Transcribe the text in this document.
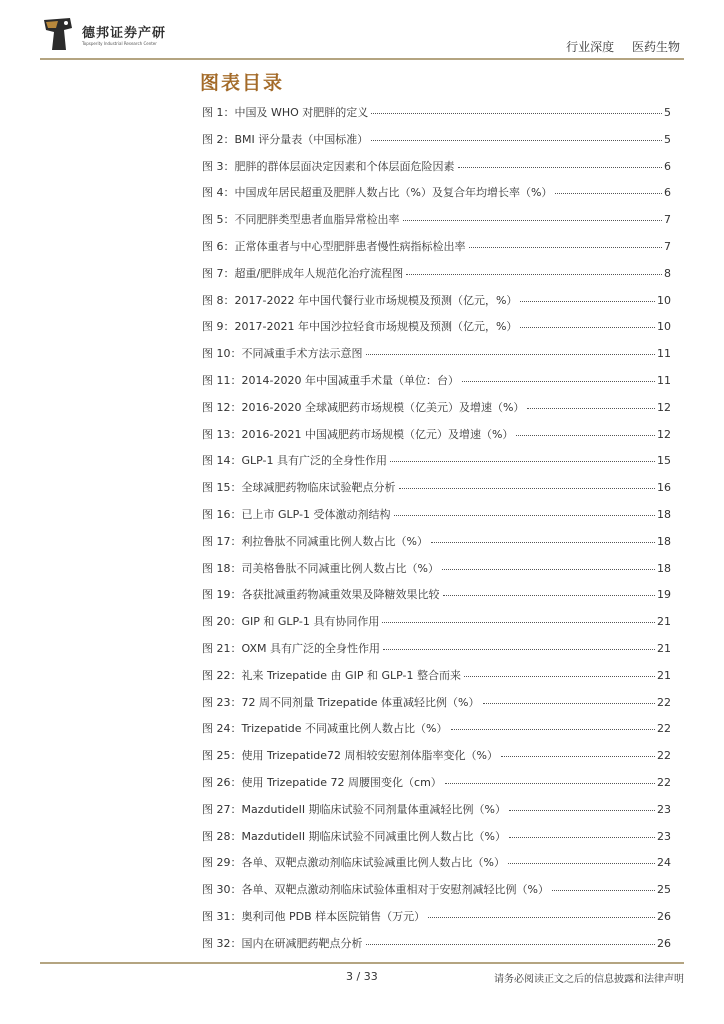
德邦证券产研
Topsperity Industrial Research Center	行业深度 医药生物
图表目录
图 1：中国及 WHO 对肥胖的定义	5
图 2：BMI 评分量表（中国标准）	5
图 3：肥胖的群体层面决定因素和个体层面危险因素	6
图 4：中国成年居民超重及肥胖人数占比（%）及复合年均增长率（%）	6
图 5：不同肥胖类型患者血脂异常检出率	7
图 6：正常体重者与中心型肥胖患者慢性病指标检出率	7
图 7：超重/肥胖成年人规范化治疗流程图	8
图 8：2017-2022 年中国代餐行业市场规模及预测（亿元，%）	10
图 9：2017-2021 年中国沙拉轻食市场规模及预测（亿元，%）	10
图 10：不同减重手术方法示意图	11
图 11：2014-2020 年中国减重手术量（单位：台）	11
图 12：2016-2020 全球减肥药市场规模（亿美元）及增速（%）	12
图 13：2016-2021 中国减肥药市场规模（亿元）及增速（%）	12
图 14：GLP-1 具有广泛的全身性作用	15
图 15：全球减肥药物临床试验靶点分析	16
图 16：已上市 GLP-1 受体激动剂结构	18
图 17：利拉鲁肽不同减重比例人数占比（%）	18
图 18：司美格鲁肽不同减重比例人数占比（%）	18
图 19：各获批减重药物减重效果及降糖效果比较	19
图 20：GIP 和 GLP-1 具有协同作用	21
图 21：OXM 具有广泛的全身性作用	21
图 22：礼来 Trizepatide 由 GIP 和 GLP-1 整合而来	21
图 23：72 周不同剂量 Trizepatide 体重减轻比例（%）	22
图 24：Trizepatide 不同减重比例人数占比（%）	22
图 25：使用 Trizepatide72 周相较安慰剂体脂率变化（%）	22
图 26：使用 Trizepatide 72 周腰围变化（cm）	22
图 27：MazdutideII 期临床试验不同剂量体重减轻比例（%）	23
图 28：MazdutideII 期临床试验不同减重比例人数占比（%）	23
图 29：各单、双靶点激动剂临床试验减重比例人数占比（%）	24
图 30：各单、双靶点激动剂临床试验体重相对于安慰剂减轻比例（%）	25
图 31：奥利司他 PDB 样本医院销售（万元）	26
图 32：国内在研减肥药靶点分析	26
3 / 33	请务必阅读正文之后的信息披露和法律声明
